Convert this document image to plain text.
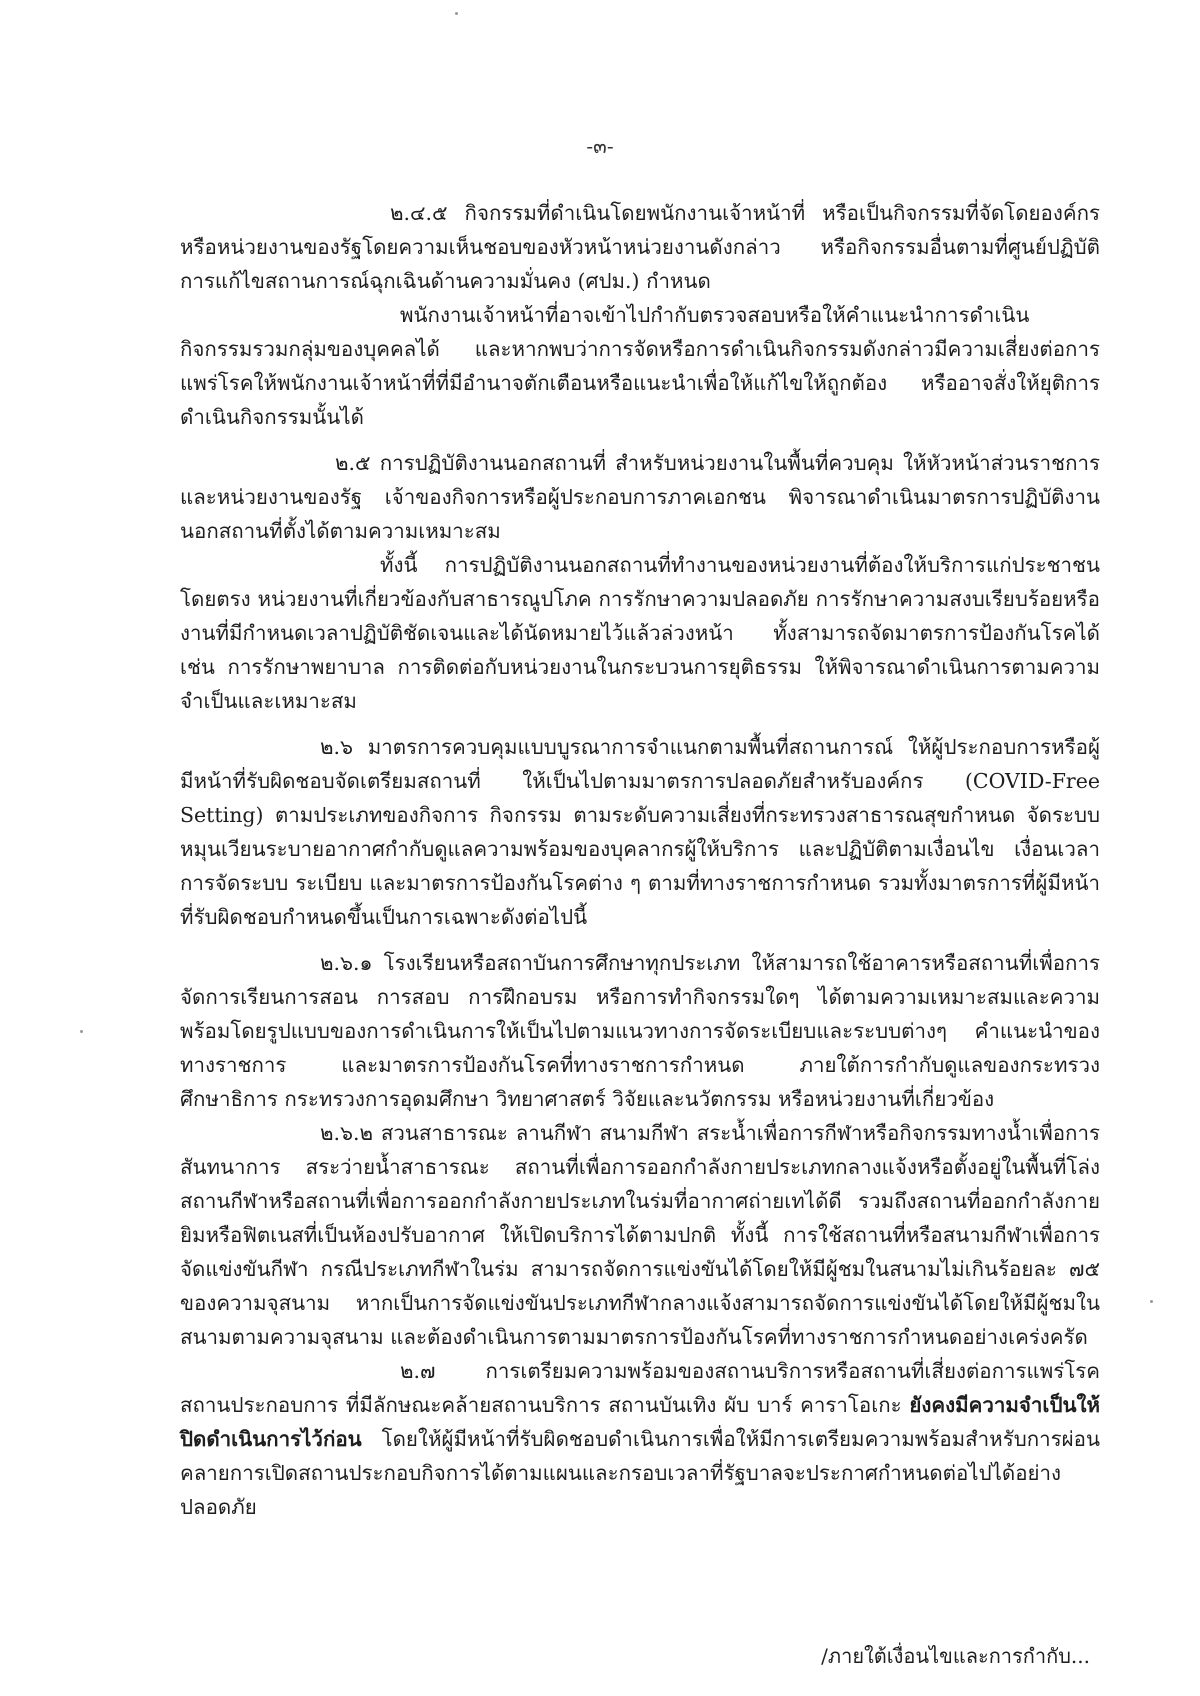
-๓-

๒.๔.๕ กิจกรรมที่ดำเนินโดยพนักงานเจ้าหน้าที่ หรือเป็นกิจกรรมที่จัดโดยองค์กรหรือหน่วยงานของรัฐโดยความเห็นชอบของหัวหน้าหน่วยงานดังกล่าว หรือกิจกรรมอื่นตามที่ศูนย์ปฏิบัติการแก้ไขสถานการณ์ฉุกเฉินด้านความมั่นคง (ศปม.) กำหนด

พนักงานเจ้าหน้าที่อาจเข้าไปกำกับตรวจสอบหรือให้คำแนะนำการดำเนินกิจกรรมรวมกลุ่มของบุคคลได้ และหากพบว่าการจัดหรือการดำเนินกิจกรรมดังกล่าวมีความเสี่ยงต่อการแพร่โรคให้พนักงานเจ้าหน้าที่ที่มีอำนาจตักเตือนหรือแนะนำเพื่อให้แก้ไขให้ถูกต้อง หรืออาจสั่งให้ยุติการดำเนินกิจกรรมนั้นได้

๒.๕ การปฏิบัติงานนอกสถานที่ สำหรับหน่วยงานในพื้นที่ควบคุม ให้หัวหน้าส่วนราชการและหน่วยงานของรัฐ เจ้าของกิจการหรือผู้ประกอบการภาคเอกชน พิจารณาดำเนินมาตรการปฏิบัติงานนอกสถานที่ตั้งได้ตามความเหมาะสม

ทั้งนี้ การปฏิบัติงานนอกสถานที่ทำงานของหน่วยงานที่ต้องให้บริการแก่ประชาชนโดยตรง หน่วยงานที่เกี่ยวข้องกับสาธารณูปโภค การรักษาความปลอดภัย การรักษาความสงบเรียบร้อยหรืองานที่มีกำหนดเวลาปฏิบัติชัดเจนและได้นัดหมายไว้แล้วล่วงหน้า ทั้งสามารถจัดมาตรการป้องกันโรคได้ เช่น การรักษาพยาบาล การติดต่อกับหน่วยงานในกระบวนการยุติธรรม ให้พิจารณาดำเนินการตามความจำเป็นและเหมาะสม

๒.๖ มาตรการควบคุมแบบบูรณาการจำแนกตามพื้นที่สถานการณ์ ให้ผู้ประกอบการหรือผู้มีหน้าที่รับผิดชอบจัดเตรียมสถานที่ ให้เป็นไปตามมาตรการปลอดภัยสำหรับองค์กร (COVID-Free Setting) ตามประเภทของกิจการ กิจกรรม ตามระดับความเสี่ยงที่กระทรวงสาธารณสุขกำหนด จัดระบบหมุนเวียนระบายอากาศกำกับดูแลความพร้อมของบุคลากรผู้ให้บริการ และปฏิบัติตามเงื่อนไข เงื่อนเวลา การจัดระบบ ระเบียบ และมาตรการป้องกันโรคต่าง ๆ ตามที่ทางราชการกำหนด รวมทั้งมาตรการที่ผู้มีหน้าที่รับผิดชอบกำหนดขึ้นเป็นการเฉพาะดังต่อไปนี้

๒.๖.๑ โรงเรียนหรือสถาบันการศึกษาทุกประเภท ให้สามารถใช้อาคารหรือสถานที่เพื่อการจัดการเรียนการสอน การสอบ การฝึกอบรม หรือการทำกิจกรรมใดๆ ได้ตามความเหมาะสมและความพร้อมโดยรูปแบบของการดำเนินการให้เป็นไปตามแนวทางการจัดระเบียบและระบบต่างๆ คำแนะนำของทางราชการ และมาตรการป้องกันโรคที่ทางราชการกำหนด ภายใต้การกำกับดูแลของกระทรวงศึกษาธิการ กระทรวงการอุดมศึกษา วิทยาศาสตร์ วิจัยและนวัตกรรม หรือหน่วยงานที่เกี่ยวข้อง

๒.๖.๒ สวนสาธารณะ ลานกีฬา สนามกีฬา สระน้ำเพื่อการกีฬาหรือกิจกรรมทางน้ำเพื่อการสันทนาการ สระว่ายน้ำสาธารณะ สถานที่เพื่อการออกกำลังกายประเภทกลางแจ้งหรือตั้งอยู่ในพื้นที่โล่ง สถานกีฬาหรือสถานที่เพื่อการออกกำลังกายประเภทในร่มที่อากาศถ่ายเทได้ดี รวมถึงสถานที่ออกกำลังกาย ยิมหรือฟิตเนสที่เป็นห้องปรับอากาศ ให้เปิดบริการได้ตามปกติ ทั้งนี้ การใช้สถานที่หรือสนามกีฬาเพื่อการจัดแข่งขันกีฬา กรณีประเภทกีฬาในร่ม สามารถจัดการแข่งขันได้โดยให้มีผู้ชมในสนามไม่เกินร้อยละ ๗๕ ของความจุสนาม หากเป็นการจัดแข่งขันประเภทกีฬากลางแจ้งสามารถจัดการแข่งขันได้โดยให้มีผู้ชมในสนามตามความจุสนาม และต้องดำเนินการตามมาตรการป้องกันโรคที่ทางราชการกำหนดอย่างเคร่งครัด

๒.๗ การเตรียมความพร้อมของสถานบริการหรือสถานที่เสี่ยงต่อการแพร่โรคสถานประกอบการ ที่มีลักษณะคล้ายสถานบริการ สถานบันเทิง ผับ บาร์ คาราโอเกะ ยังคงมีความจำเป็นให้ปิดดำเนินการไว้ก่อน โดยให้ผู้มีหน้าที่รับผิดชอบดำเนินการเพื่อให้มีการเตรียมความพร้อมสำหรับการผ่อนคลายการเปิดสถานประกอบกิจการได้ตามแผนและกรอบเวลาที่รัฐบาลจะประกาศกำหนดต่อไปได้อย่างปลอดภัย

/ภายใต้เงื่อนไขและการกำกับ...
